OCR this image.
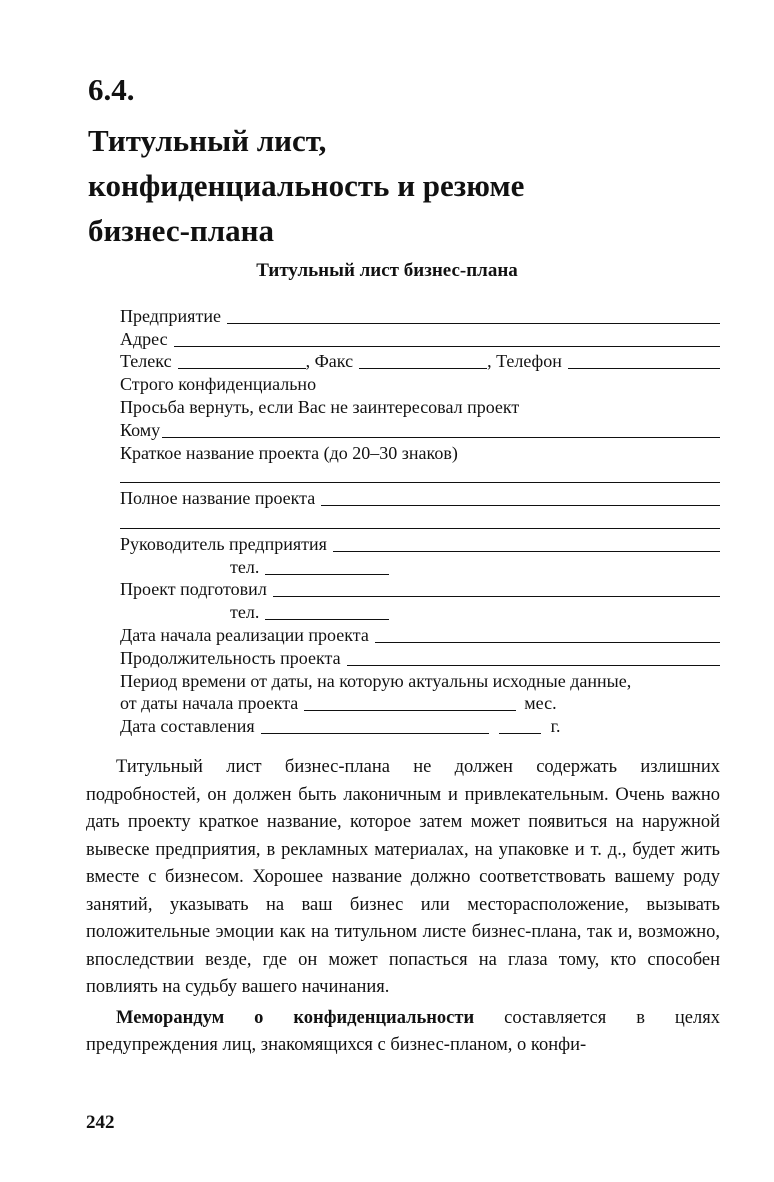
6.4.
Титульный лист,
конфиденциальность и резюме
бизнес-плана
Титульный лист бизнес-плана
Предприятие
Адрес
Телекс	, Факс	, Телефон
Строго конфиденциально
Просьба вернуть, если Вас не заинтересовал проект
Кому
Краткое название проекта (до 20–30 знаков)
Полное название проекта
Руководитель предприятия
тел.
Проект подготовил
тел.
Дата начала реализации проекта
Продолжительность проекта
Период времени от даты, на которую актуальны исходные данные,
от даты начала проекта	мес.
Дата составления	г.

Титульный лист бизнес-плана не должен содержать излишних подробностей, он должен быть лаконичным и привлекательным. Очень важно дать проекту краткое название, которое затем может появиться на наружной вывеске предприятия, в рекламных материалах, на упаковке и т. д., будет жить вместе с бизнесом. Хорошее название должно соответствовать вашему роду занятий, указывать на ваш бизнес или месторасположение, вызывать положительные эмоции как на титульном листе бизнес-плана, так и, возможно, впоследствии везде, где он может попасться на глаза тому, кто способен повлиять на судьбу вашего начинания.

Меморандум о конфиденциальности составляется в целях предупреждения лиц, знакомящихся с бизнес-планом, о конфи-

242
